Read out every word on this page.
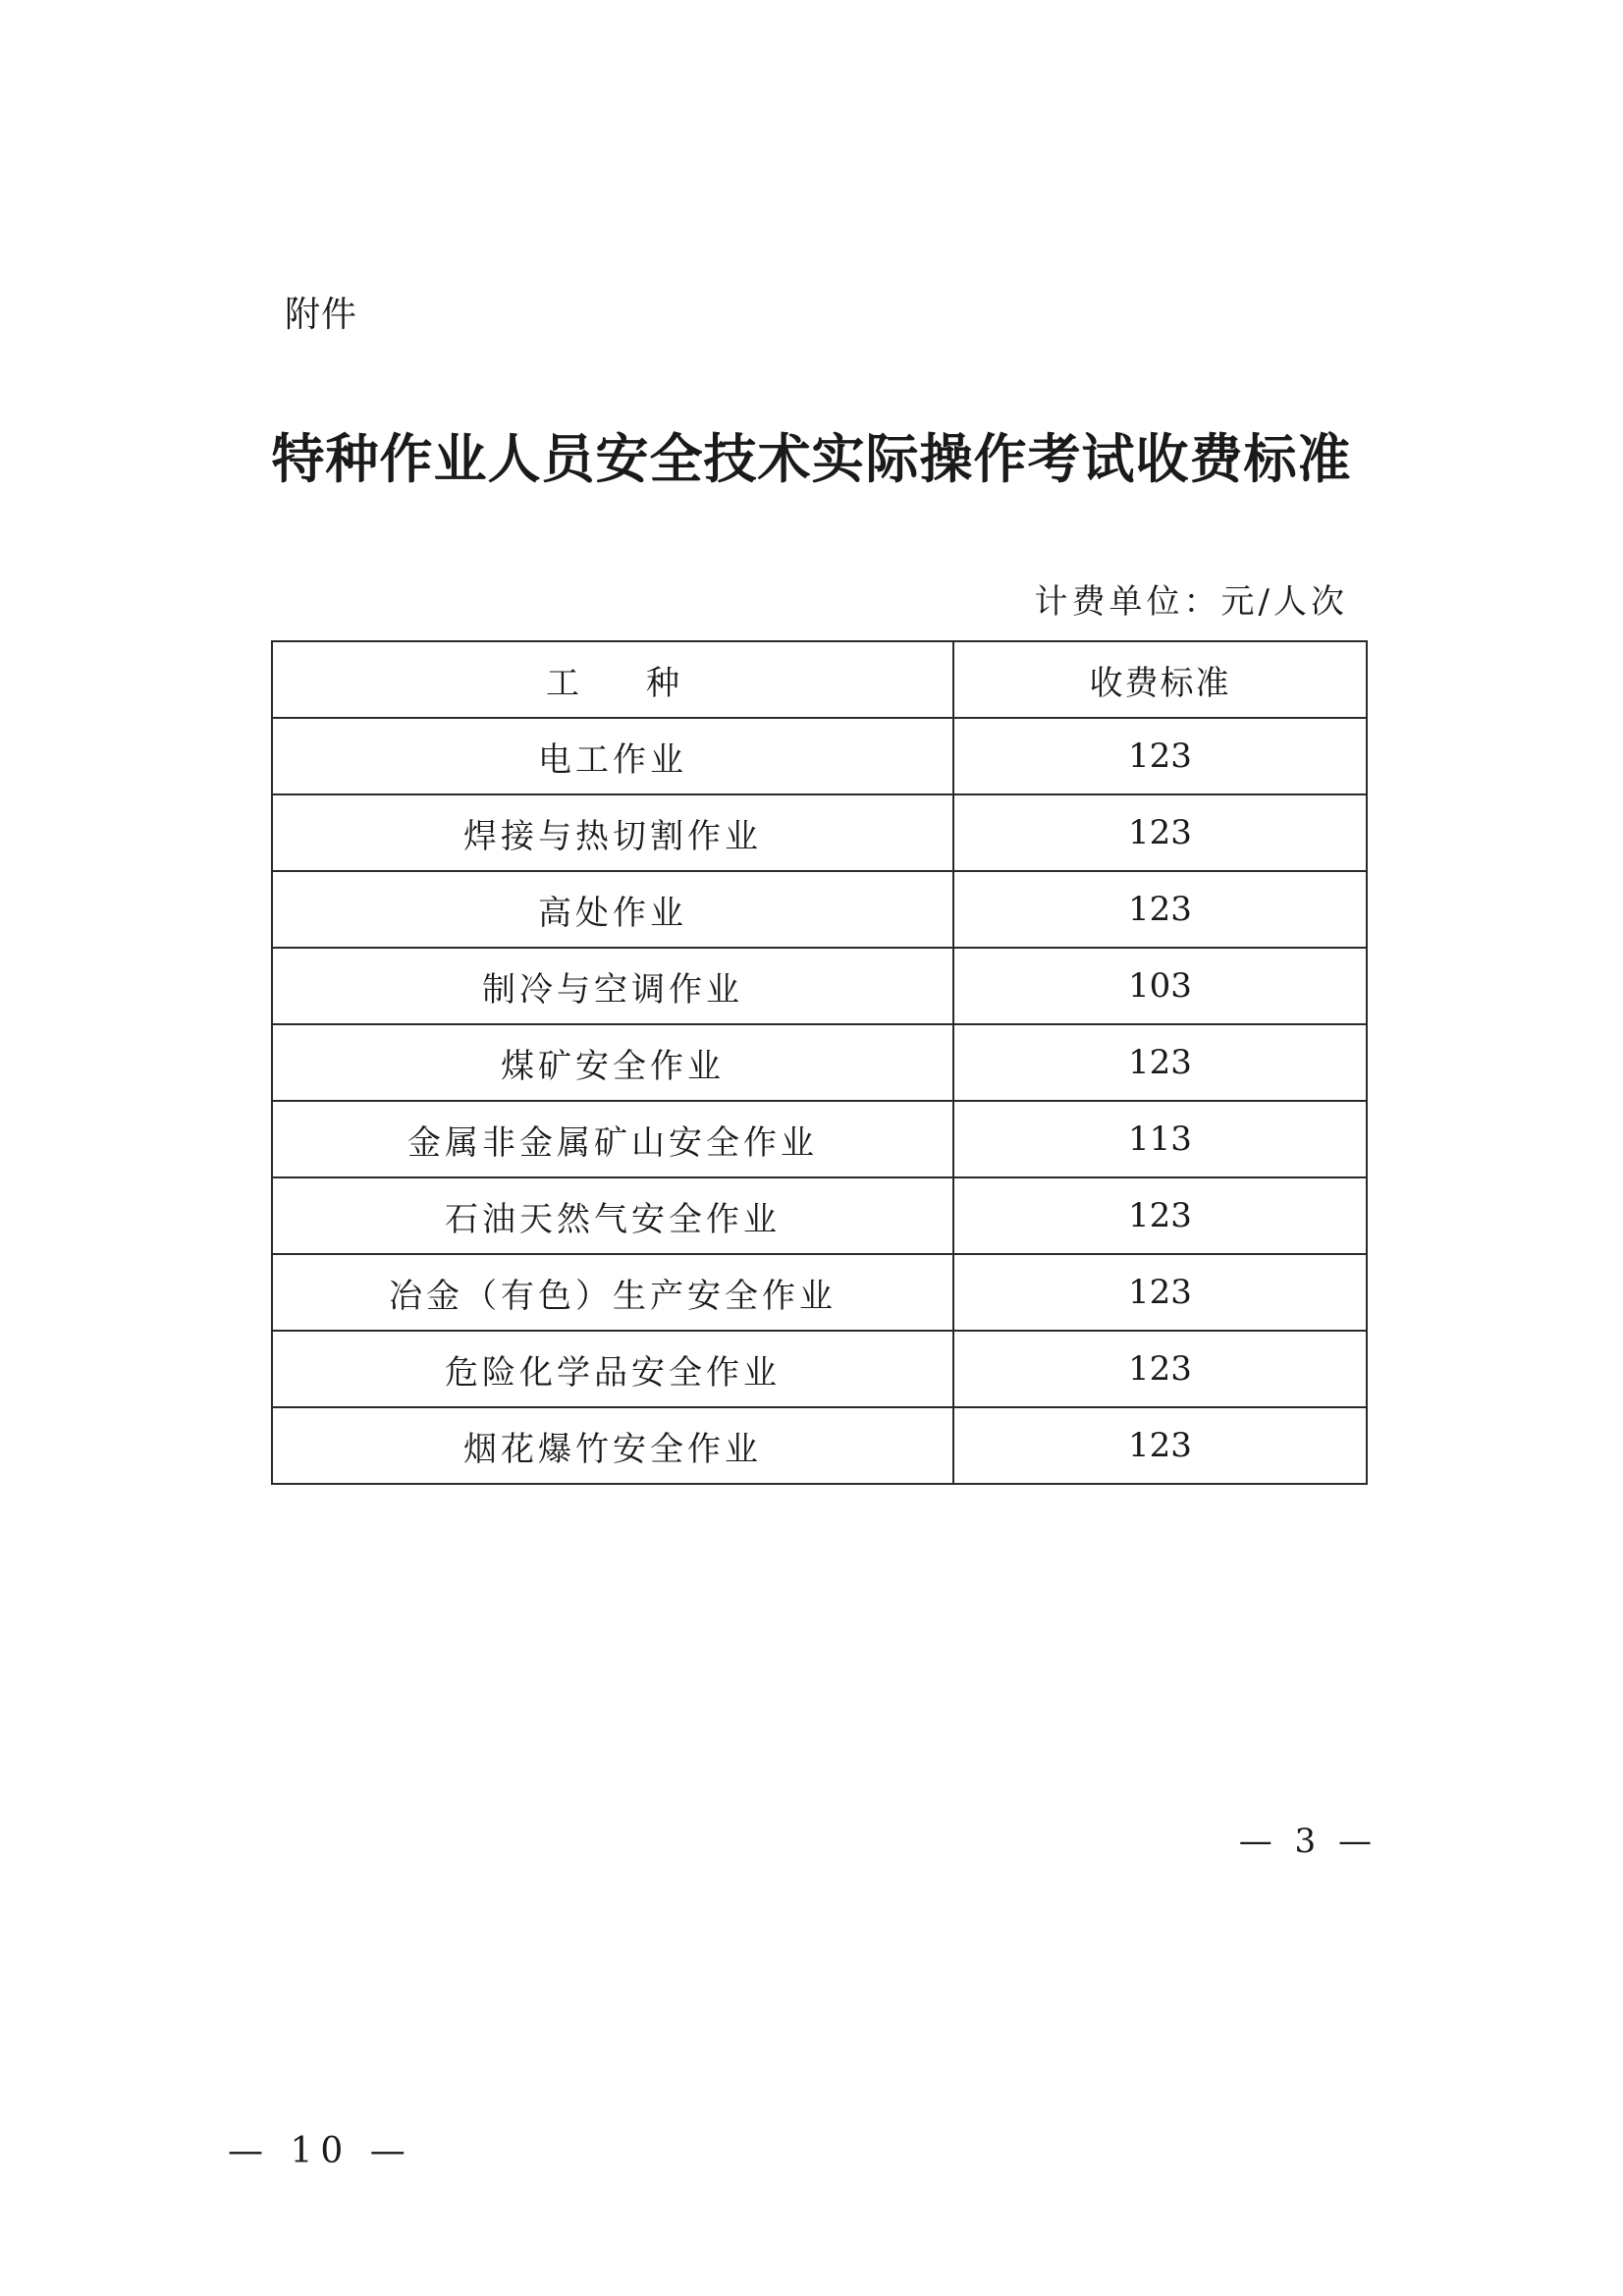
附件
特种作业人员安全技术实际操作考试收费标准
计费单位：元/人次
工　　种	收费标准
电工作业	123
焊接与热切割作业	123
高处作业	123
制冷与空调作业	103
煤矿安全作业	123
金属非金属矿山安全作业	113
石油天然气安全作业	123
冶金（有色）生产安全作业	123
危险化学品安全作业	123
烟花爆竹安全作业	123
— 3 —
— 10 —
